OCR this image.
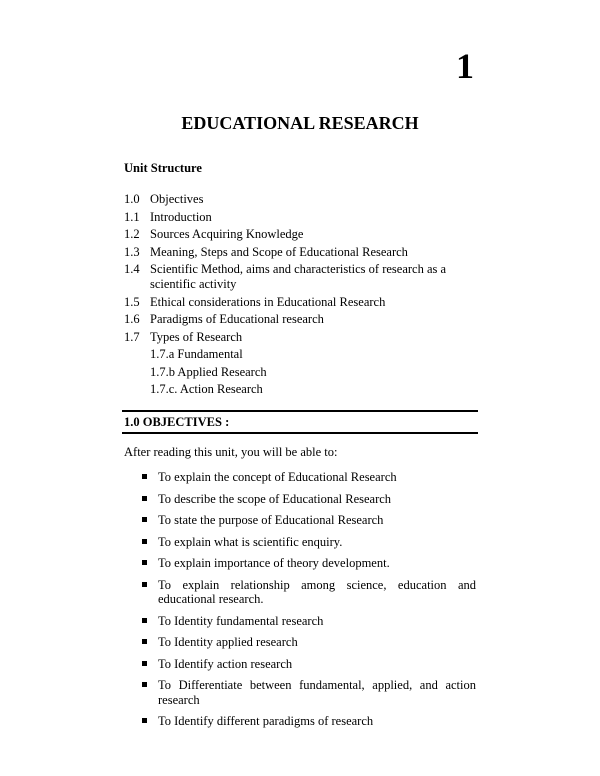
1
EDUCATIONAL RESEARCH
Unit Structure
1.0 Objectives
1.1 Introduction
1.2 Sources Acquiring Knowledge
1.3 Meaning, Steps and Scope of Educational Research
1.4 Scientific Method, aims and characteristics of research as a scientific activity
1.5 Ethical considerations in Educational Research
1.6 Paradigms of Educational research
1.7 Types of Research
1.7.a Fundamental
1.7.b Applied Research
1.7.c. Action Research
1.0 OBJECTIVES :

After reading this unit, you will be able to:

To explain the concept of Educational Research
To describe the scope of Educational Research
To state the purpose of Educational Research
To explain what is scientific enquiry.
To explain importance of theory development.
To explain relationship among science, education and educational research.
To Identity fundamental research
To Identity applied research
To Identify action research
To Differentiate between fundamental, applied, and action research
To Identify different paradigms of research
